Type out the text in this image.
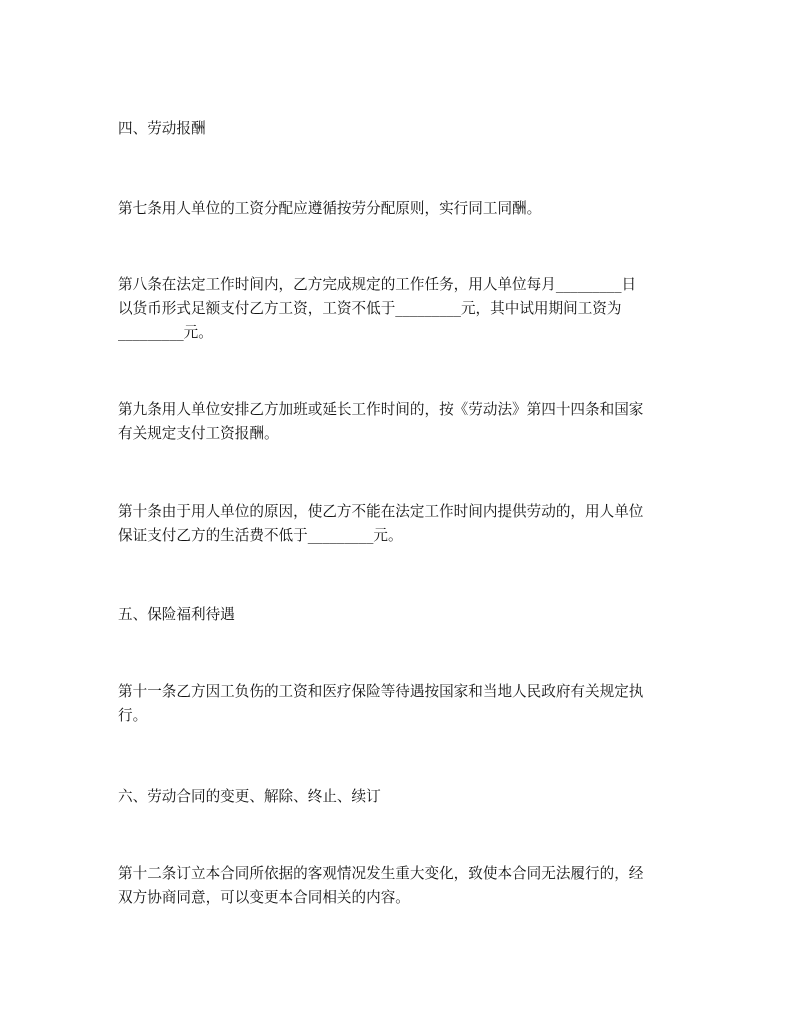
四、劳动报酬

第七条用人单位的工资分配应遵循按劳分配原则，实行同工同酬。

第八条在法定工作时间内，乙方完成规定的工作任务，用人单位每月_________日
以货币形式足额支付乙方工资，工资不低于_________元，其中试用期间工资为
_________元。

第九条用人单位安排乙方加班或延长工作时间的，按《劳动法》第四十四条和国家
有关规定支付工资报酬。

第十条由于用人单位的原因，使乙方不能在法定工作时间内提供劳动的，用人单位
保证支付乙方的生活费不低于_________元。

五、保险福利待遇

第十一条乙方因工负伤的工资和医疗保险等待遇按国家和当地人民政府有关规定执
行。

六、劳动合同的变更、解除、终止、续订

第十二条订立本合同所依据的客观情况发生重大变化，致使本合同无法履行的，经
双方协商同意，可以变更本合同相关的内容。
